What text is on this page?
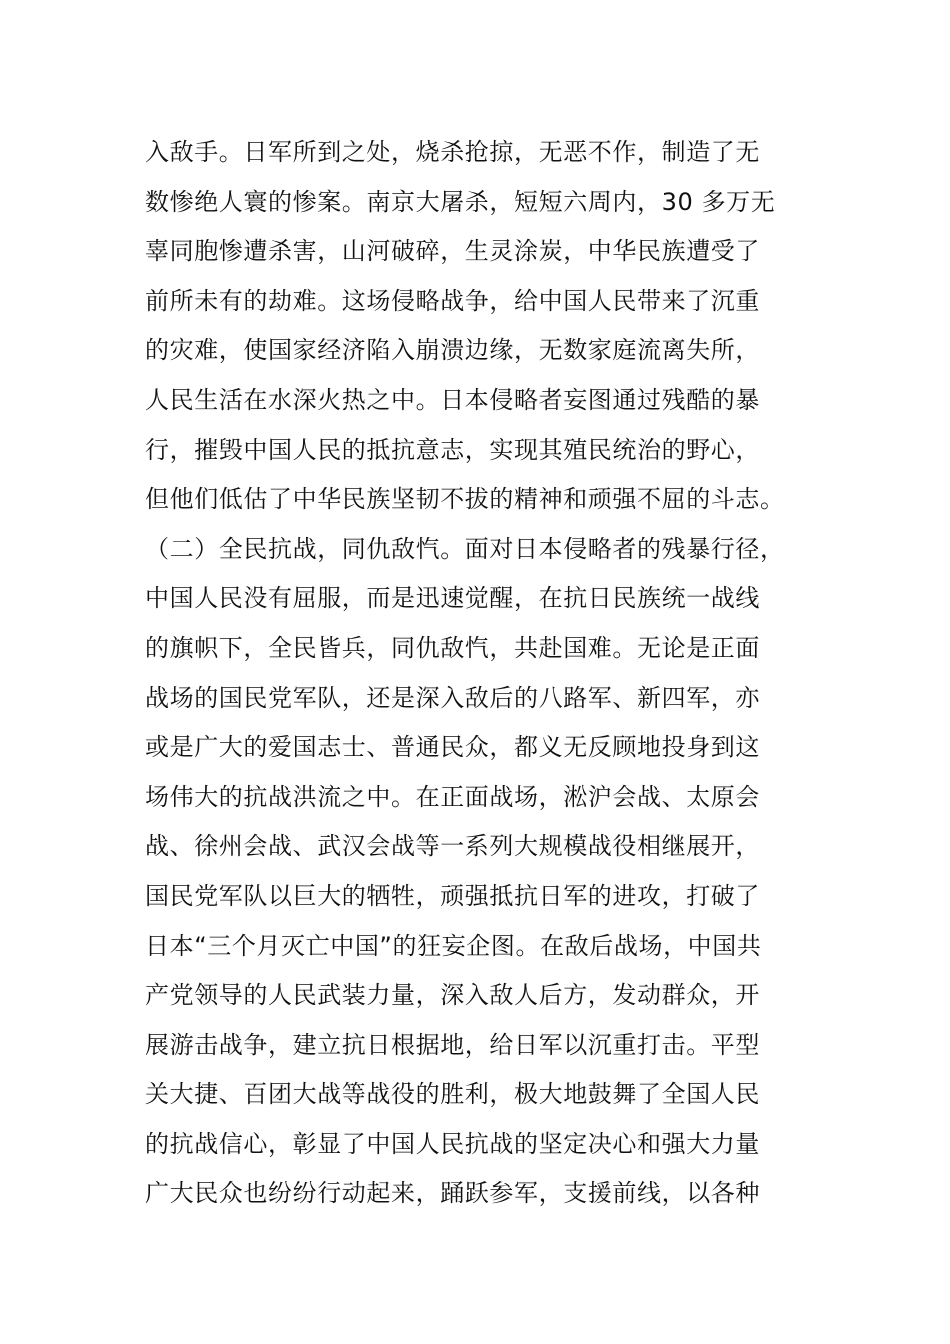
入敌手。日军所到之处，烧杀抢掠，无恶不作，制造了无
数惨绝人寰的惨案。南京大屠杀，短短六周内，30 多万无
辜同胞惨遭杀害，山河破碎，生灵涂炭，中华民族遭受了
前所未有的劫难。这场侵略战争，给中国人民带来了沉重
的灾难，使国家经济陷入崩溃边缘，无数家庭流离失所，
人民生活在水深火热之中。日本侵略者妄图通过残酷的暴
行，摧毁中国人民的抵抗意志，实现其殖民统治的野心，
但他们低估了中华民族坚韧不拔的精神和顽强不屈的斗志。
（二）全民抗战，同仇敌忾。面对日本侵略者的残暴行径，
中国人民没有屈服，而是迅速觉醒，在抗日民族统一战线
的旗帜下，全民皆兵，同仇敌忾，共赴国难。无论是正面
战场的国民党军队，还是深入敌后的八路军、新四军，亦
或是广大的爱国志士、普通民众，都义无反顾地投身到这
场伟大的抗战洪流之中。在正面战场，淞沪会战、太原会
战、徐州会战、武汉会战等一系列大规模战役相继展开，
国民党军队以巨大的牺牲，顽强抵抗日军的进攻，打破了
日本“三个月灭亡中国”的狂妄企图。在敌后战场，中国共
产党领导的人民武装力量，深入敌人后方，发动群众，开
展游击战争，建立抗日根据地，给日军以沉重打击。平型
关大捷、百团大战等战役的胜利，极大地鼓舞了全国人民
的抗战信心，彰显了中国人民抗战的坚定决心和强大力量
广大民众也纷纷行动起来，踊跃参军，支援前线，以各种
